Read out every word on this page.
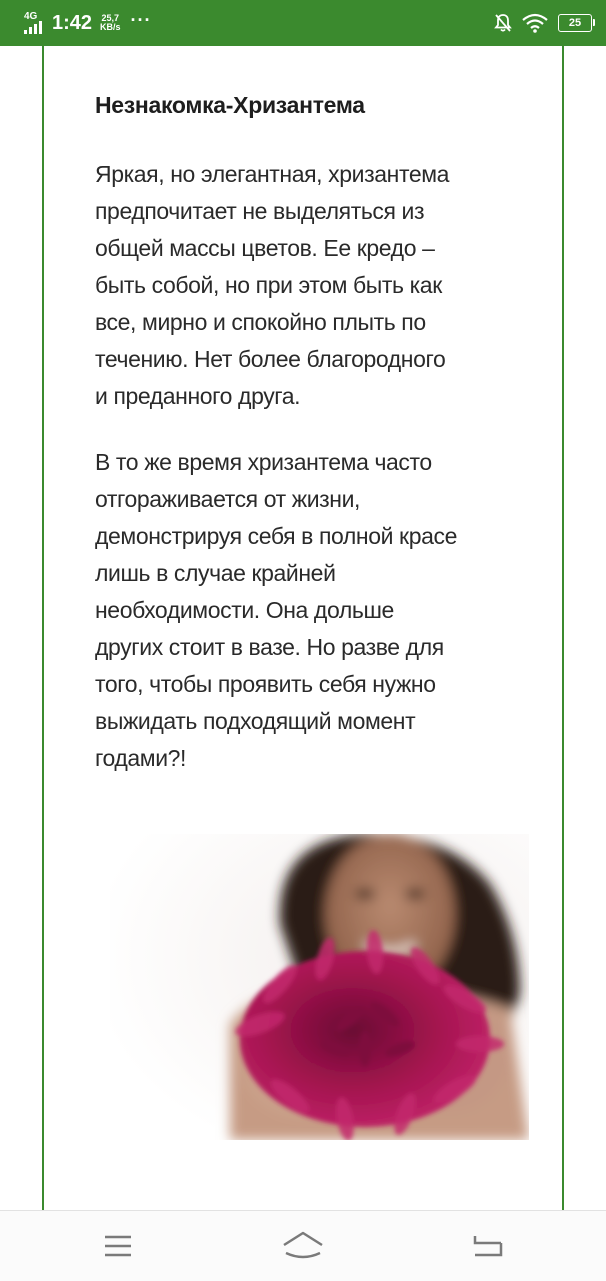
4G 1:42 25,7
KB/s ···	25
Незнакомка-Хризантема

Яркая, но элегантная, хризантема
предпочитает не выделяться из
общей массы цветов. Ее кредо –
быть собой, но при этом быть как
все, мирно и спокойно плыть по
течению. Нет более благородного
и преданного друга.

В то же время хризантема часто
отгораживается от жизни,
демонстрируя себя в полной красе
лишь в случае крайней
необходимости. Она дольше
других стоит в вазе. Но разве для
того, чтобы проявить себя нужно
выжидать подходящий момент
годами?!
